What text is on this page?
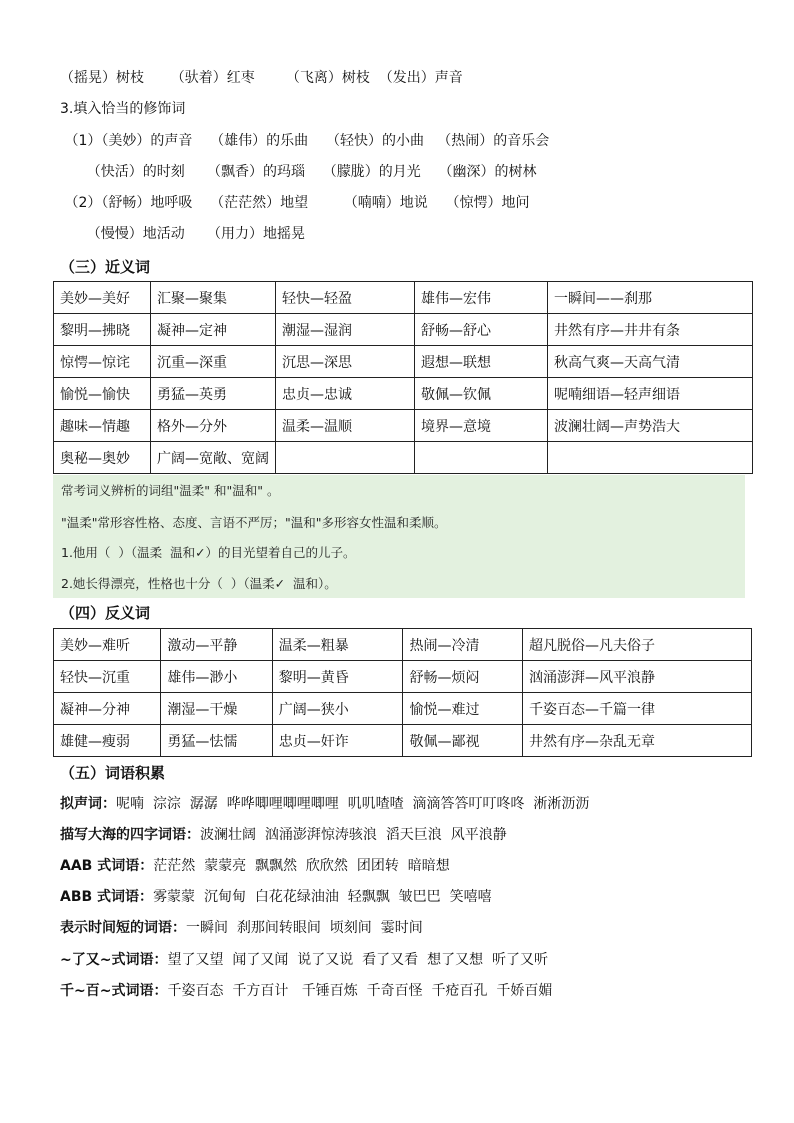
（摇晃）树枝      （驮着）红枣       （飞离）树枝  （发出）声音
3.填入恰当的修饰词
（1）（美妙）的声音    （雄伟）的乐曲    （轻快）的小曲   （热闹）的音乐会
（快活）的时刻     （飘香）的玛瑙    （朦胧）的月光    （幽深）的树林
（2）（舒畅）地呼吸    （茫茫然）地望        （喃喃）地说    （惊愕）地问
（慢慢）地活动     （用力）地摇晃
（三）近义词
美妙—美好	汇聚—聚集	轻快—轻盈	雄伟—宏伟	一瞬间——刹那
黎明—拂晓	凝神—定神	潮湿—湿润	舒畅—舒心	井然有序—井井有条
惊愕—惊诧	沉重—深重	沉思—深思	遐想—联想	秋高气爽—天高气清
愉悦—愉快	勇猛—英勇	忠贞—忠诚	敬佩—钦佩	呢喃细语—轻声细语
趣味—情趣	格外—分外	温柔—温顺	境界—意境	波澜壮阔—声势浩大
奥秘—奥妙	广阔—宽敞、宽阔			
常考词义辨析的词组"温柔" 和"温和" 。
"温柔"常形容性格、态度、言语不严厉；"温和"多形容女性温和柔顺。
1.他用（  ）（温柔  温和✓）的目光望着自己的儿子。
2.她长得漂亮，性格也十分（  ）（温柔✓  温和）。
（四）反义词
美妙—难听	激动—平静	温柔—粗暴	热闹—冷清	超凡脱俗—凡夫俗子
轻快—沉重	雄伟—渺小	黎明—黄昏	舒畅—烦闷	汹涌澎湃—风平浪静
凝神—分神	潮湿—干燥	广阔—狭小	愉悦—难过	千姿百态—千篇一律
雄健—瘦弱	勇猛—怯懦	忠贞—奸诈	敬佩—鄙视	井然有序—杂乱无章
（五）词语积累
拟声词：呢喃  淙淙  潺潺  哗哗唧哩唧哩唧哩  叽叽喳喳  滴滴答答叮叮咚咚  淅淅沥沥
描写大海的四字词语：波澜壮阔  汹涌澎湃惊涛骇浪  滔天巨浪  风平浪静
AAB 式词语：茫茫然  蒙蒙亮  飘飘然  欣欣然  团团转  暗暗想
ABB 式词语：雾蒙蒙  沉甸甸  白花花绿油油  轻飘飘  皱巴巴  笑嘻嘻
表示时间短的词语：一瞬间  刹那间转眼间  顷刻间  霎时间
~了又~式词语：望了又望  闻了又闻  说了又说  看了又看  想了又想  听了又听
千~百~式词语：千姿百态  千方百计   千锤百炼  千奇百怪  千疮百孔  千娇百媚
